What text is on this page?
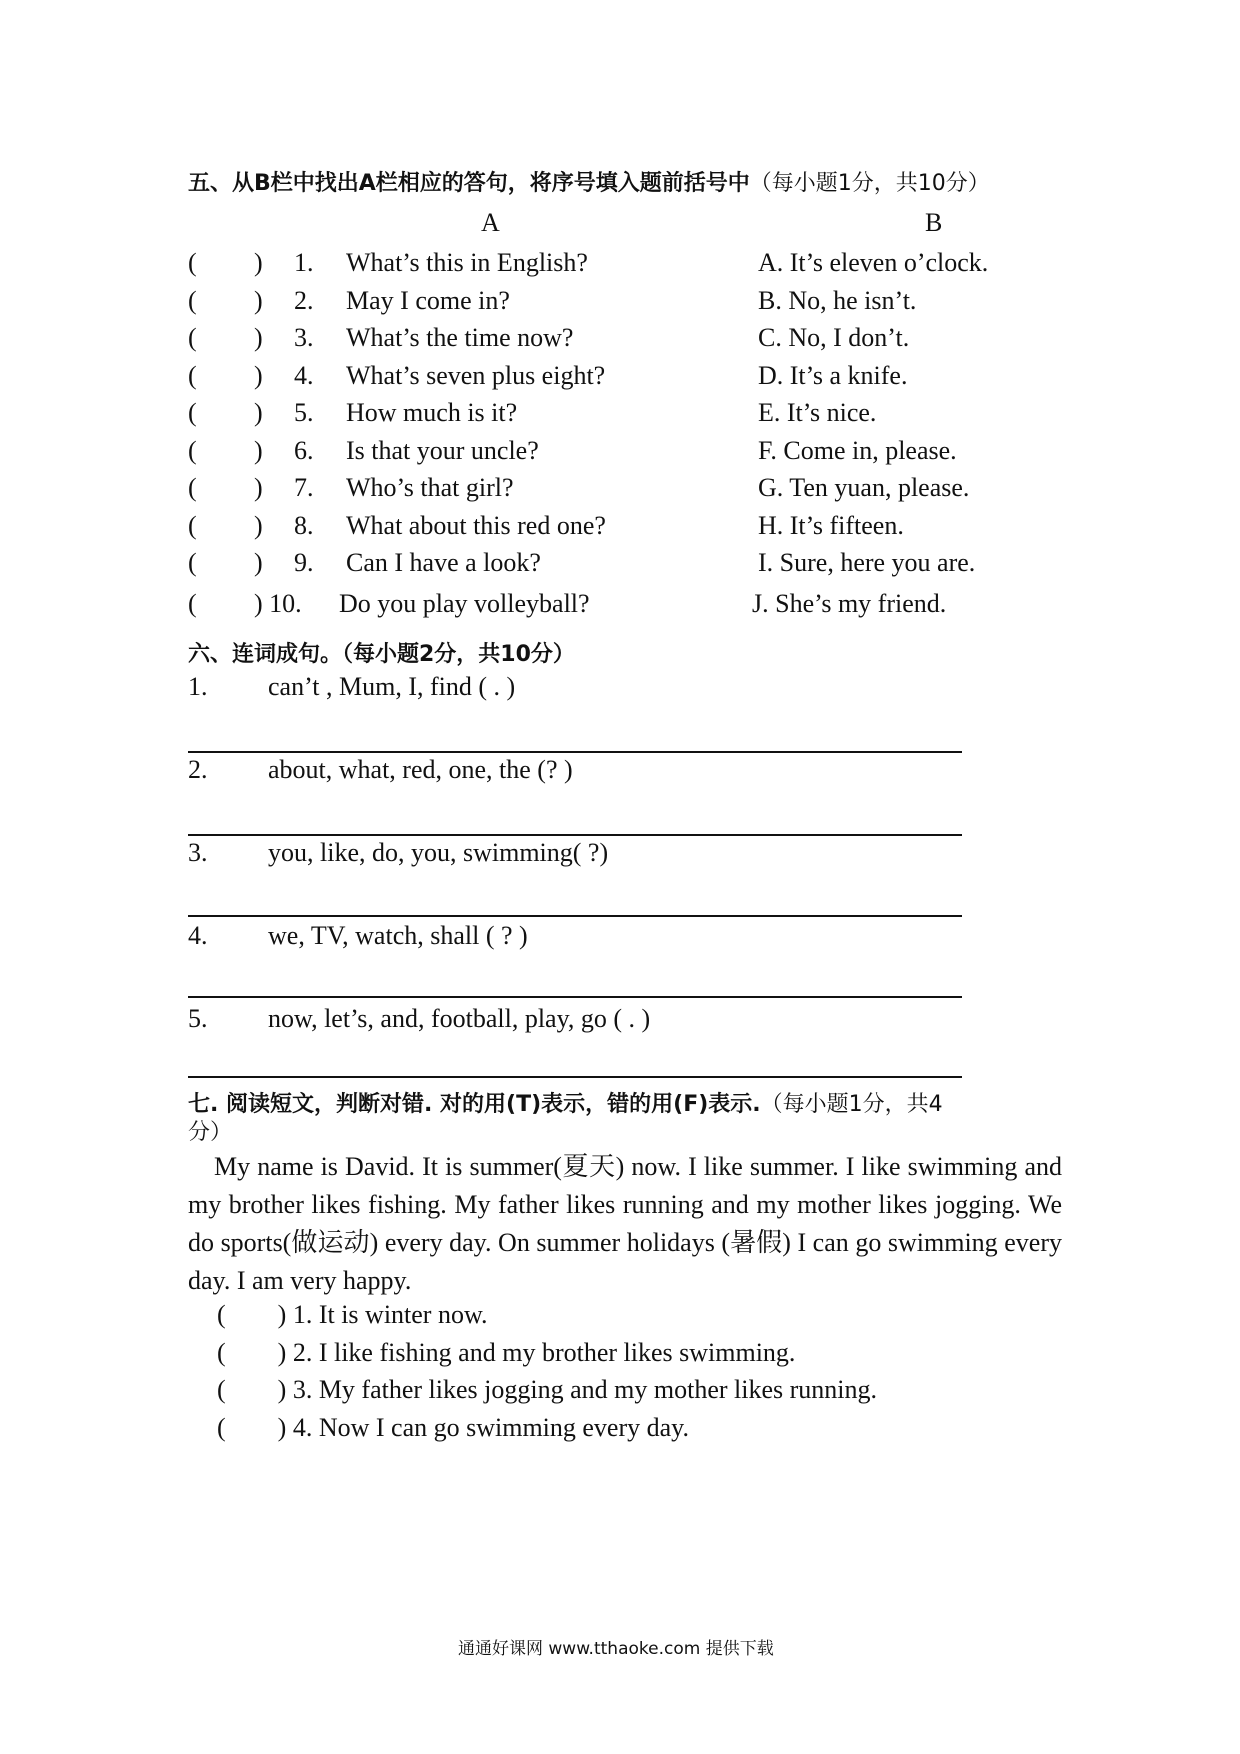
五、从B栏中找出A栏相应的答句，将序号填入题前括号中（每小题1分，共10分）
A	B
( ) 1. What’s this in English?	A. It’s eleven o’clock.
( ) 2. May I come in?	B. No, he isn’t.
( ) 3. What’s the time now?	C. No, I don’t.
( ) 4. What’s seven plus eight?	D. It’s a knife.
( ) 5. How much is it?	E. It’s nice.
( ) 6. Is that your uncle?	F. Come in, please.
( ) 7. Who’s that girl?	G. Ten yuan, please.
( ) 8. What about this red one?	H. It’s fifteen.
( ) 9. Can I have a look?	I. Sure, here you are.
( ) 10. Do you play volleyball?	J. She’s my friend.
六、连词成句。（每小题2分，共10分）
1. can’t , Mum, I, find ( . )
2. about, what, red, one, the (? )
3. you, like, do, you, swimming( ?)
4. we, TV, watch, shall ( ? )
5. now, let’s, and, football, play, go ( . )
七. 阅读短文，判断对错. 对的用(T)表示，错的用(F)表示.（每小题1分，共4
分）
My name is David. It is summer(夏天) now. I like summer. I like swimming and my brother likes fishing. My father likes running and my mother likes jogging. We do sports(做运动) every day. On summer holidays (暑假) I can go swimming every day. I am very happy.
(        ) 1. It is winter now.
(        ) 2. I like fishing and my brother likes swimming.
(        ) 3. My father likes jogging and my mother likes running.
(        ) 4. Now I can go swimming every day.
通通好课网 www.tthaoke.com 提供下载
